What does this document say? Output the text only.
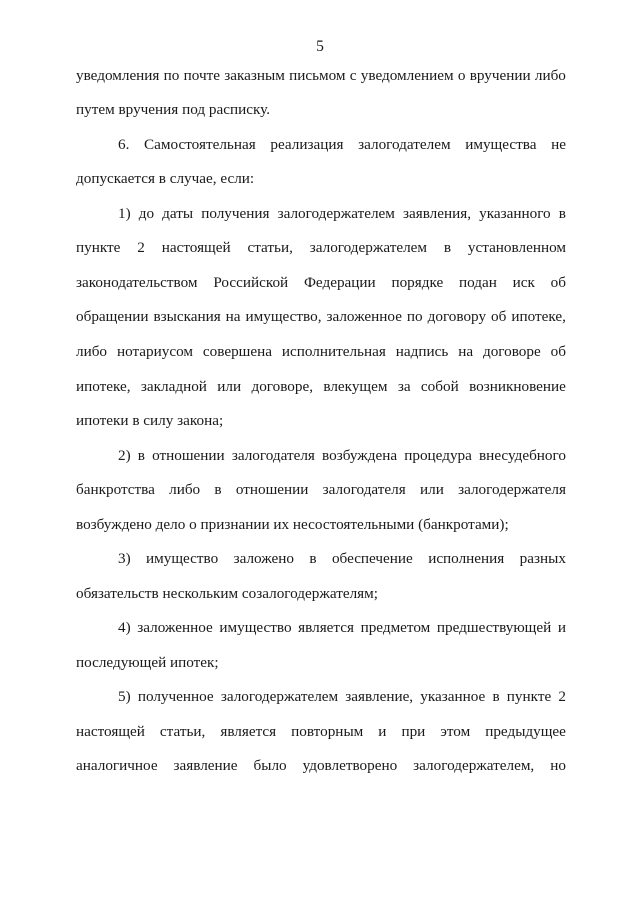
5
уведомления по почте заказным письмом с уведомлением о вручении либо
путем вручения под расписку.
6. Самостоятельная реализация залогодателем имущества не
допускается в случае, если:
1) до даты получения залогодержателем заявления, указанного в
пункте 2 настоящей статьи, залогодержателем в установленном
законодательством Российской Федерации порядке подан иск об
обращении взыскания на имущество, заложенное по договору об ипотеке,
либо нотариусом совершена исполнительная надпись на договоре об
ипотеке, закладной или договоре, влекущем за собой возникновение
ипотеки в силу закона;
2) в отношении залогодателя возбуждена процедура внесудебного
банкротства либо в отношении залогодателя или залогодержателя
возбуждено дело о признании их несостоятельными (банкротами);
3) имущество заложено в обеспечение исполнения разных
обязательств нескольким созалогодержателям;
4) заложенное имущество является предметом предшествующей и
последующей ипотек;
5) полученное залогодержателем заявление, указанное в пункте 2
настоящей статьи, является повторным и при этом предыдущее
аналогичное заявление было удовлетворено залогодержателем, но
